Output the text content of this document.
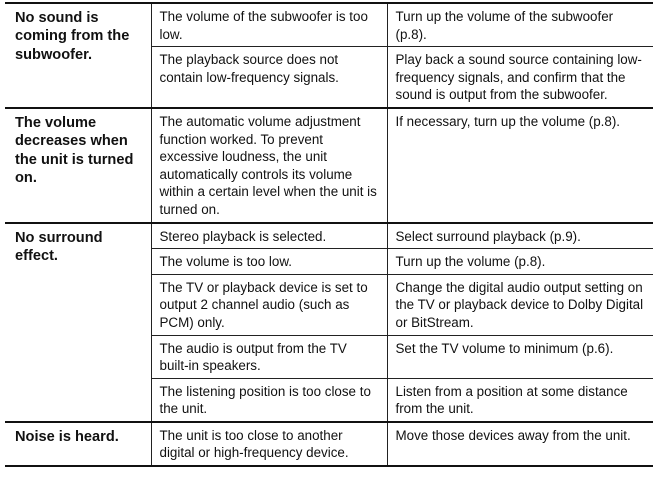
No sound is coming from the subwoofer.	The volume of the subwoofer is too low.	Turn up the volume of the subwoofer (p.8).
	The playback source does not contain low-frequency signals.	Play back a sound source containing low-frequency signals, and confirm that the sound is output from the subwoofer.
The volume decreases when the unit is turned on.	The automatic volume adjustment function worked. To prevent excessive loudness, the unit automatically controls its volume within a certain level when the unit is turned on.	If necessary, turn up the volume (p.8).
No surround effect.	Stereo playback is selected.	Select surround playback (p.9).
	The volume is too low.	Turn up the volume (p.8).
	The TV or playback device is set to output 2 channel audio (such as PCM) only.	Change the digital audio output setting on the TV or playback device to Dolby Digital or BitStream.
	The audio is output from the TV built-in speakers.	Set the TV volume to minimum (p.6).
	The listening position is too close to the unit.	Listen from a position at some distance from the unit.
Noise is heard.	The unit is too close to another digital or high-frequency device.	Move those devices away from the unit.
